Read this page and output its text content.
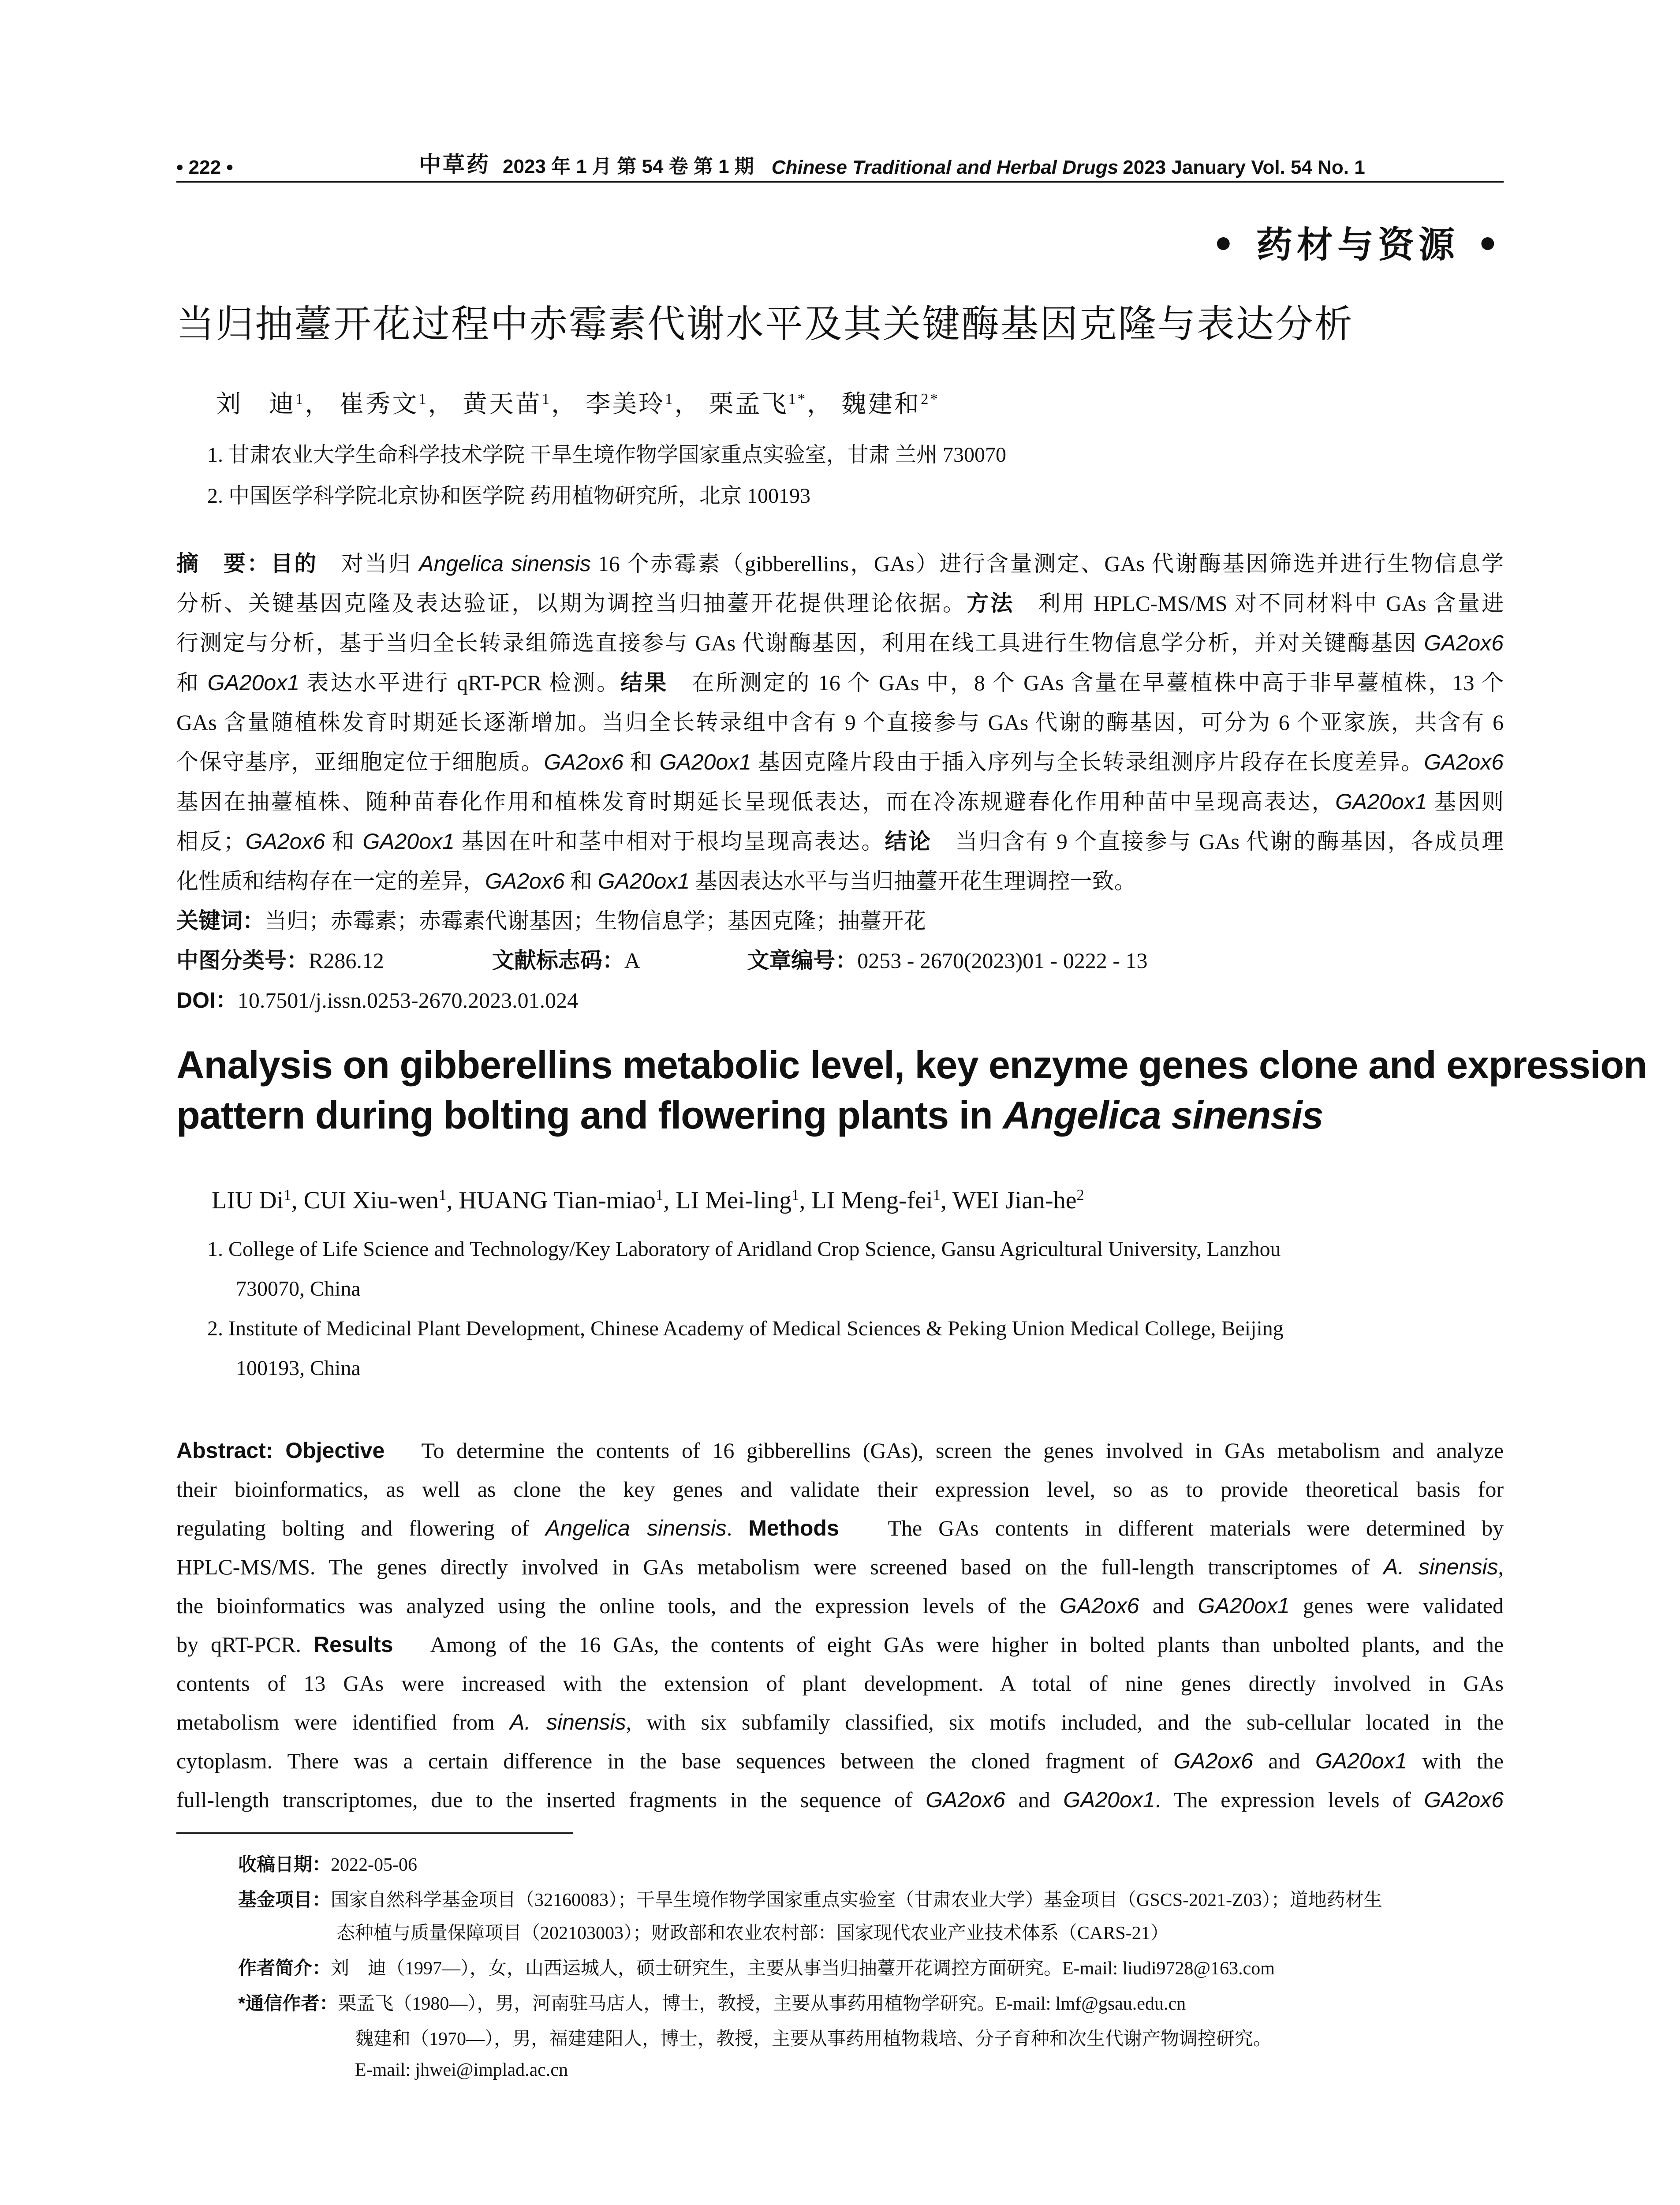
• 222 •	中草药 2023 年 1 月 第 54 卷 第 1 期 Chinese Traditional and Herbal Drugs 2023 January Vol. 54 No. 1
• 药材与资源 •
当归抽薹开花过程中赤霉素代谢水平及其关键酶基因克隆与表达分析
刘　迪$^1$， 崔秀文$^1$， 黄天苗$^1$， 李美玲$^1$， 栗孟飞$^{1*}$， 魏建和$^{2*}$
1. 甘肃农业大学生命科学技术学院 干旱生境作物学国家重点实验室，甘肃 兰州 730070
2. 中国医学科学院北京协和医学院 药用植物研究所，北京 100193
摘　要：目的　 对当归 Angelica sinensis 16 个赤霉素（gibberellins，GAs）进行含量测定、GAs 代谢酶基因筛选并进行生物信息学
分析、关键基因克隆及表达验证，以期为调控当归抽薹开花提供理论依据。方法　 利用 HPLC-MS/MS 对不同材料中 GAs 含量进
行测定与分析，基于当归全长转录组筛选直接参与 GAs 代谢酶基因，利用在线工具进行生物信息学分析，并对关键酶基因 GA2ox6
和 GA20ox1 表达水平进行 qRT-PCR 检测。结果　 在所测定的 16 个 GAs 中，8 个 GAs 含量在早薹植株中高于非早薹植株，13 个
GAs 含量随植株发育时期延长逐渐增加。当归全长转录组中含有 9 个直接参与 GAs 代谢的酶基因，可分为 6 个亚家族，共含有 6
个保守基序，亚细胞定位于细胞质。GA2ox6 和 GA20ox1 基因克隆片段由于插入序列与全长转录组测序片段存在长度差异。GA2ox6
基因在抽薹植株、随种苗春化作用和植株发育时期延长呈现低表达，而在冷冻规避春化作用种苗中呈现高表达，GA20ox1 基因则
相反；GA2ox6 和 GA20ox1 基因在叶和茎中相对于根均呈现高表达。结论　 当归含有 9 个直接参与 GAs 代谢的酶基因，各成员理
化性质和结构存在一定的差异，GA2ox6 和 GA20ox1 基因表达水平与当归抽薹开花生理调控一致。
关键词：当归；赤霉素；赤霉素代谢基因；生物信息学；基因克隆；抽薹开花
中图分类号：R286.12	文献标志码：A	文章编号：0253 - 2670(2023)01 - 0222 - 13
DOI：10.7501/j.issn.0253-2670.2023.01.024
Analysis on gibberellins metabolic level, key enzyme genes clone and expression
pattern during bolting and flowering plants in Angelica sinensis
LIU Di$^1$, CUI Xiu-wen$^1$, HUANG Tian-miao$^1$, LI Mei-ling$^1$, LI Meng-fei$^1$, WEI Jian-$he^2$
1. College of Life Science and Technology/Key Laboratory of Aridland Crop Science, Gansu Agricultural University, Lanzhou
730070, China
2. Institute of Medicinal Plant Development, Chinese Academy of Medical Sciences & Peking Union Medical College, Beijing
100193, China
Abstract: Objective To determine the contents of 16 gibberellins (GAs), screen the genes involved in GAs metabolism and analyze
their bioinformatics, as well as clone the key genes and validate their expression level, so as to provide theoretical basis for
regulating bolting and flowering of Angelica sinensis. Methods The GAs contents in different materials were determined by
HPLC-MS/MS. The genes directly involved in GAs metabolism were screened based on the full-length transcriptomes of A. sinensis,
the bioinformatics was analyzed using the online tools, and the expression levels of the GA2ox6 and GA20ox1 genes were validated
by qRT-PCR. Results Among of the 16 GAs, the contents of eight GAs were higher in bolted plants than unbolted plants, and the
contents of 13 GAs were increased with the extension of plant development. A total of nine genes directly involved in GAs
metabolism were identified from A. sinensis, with six subfamily classified, six motifs included, and the sub-cellular located in the
cytoplasm. There was a certain difference in the base sequences between the cloned fragment of GA2ox6 and GA20ox1 with the
full-length transcriptomes, due to the inserted fragments in the sequence of GA2ox6 and GA20ox1. The expression levels of GA2ox6
收稿日期：2022-05-06
基金项目：国家自然科学基金项目（32160083）；干旱生境作物学国家重点实验室（甘肃农业大学）基金项目（GSCS-2021-Z03）；道地药材生
态种植与质量保障项目（202103003）；财政部和农业农村部：国家现代农业产业技术体系（CARS-21）
作者简介：刘　迪（1997—），女，山西运城人，硕士研究生，主要从事当归抽薹开花调控方面研究。E-mail: liudi9728@163.com
*通信作者：栗孟飞（1980—），男，河南驻马店人，博士，教授，主要从事药用植物学研究。E-mail: lmf@gsau.edu.cn
魏建和（1970—），男，福建建阳人，博士，教授，主要从事药用植物栽培、分子育种和次生代谢产物调控研究。
E-mail: jhwei@implad.ac.cn
